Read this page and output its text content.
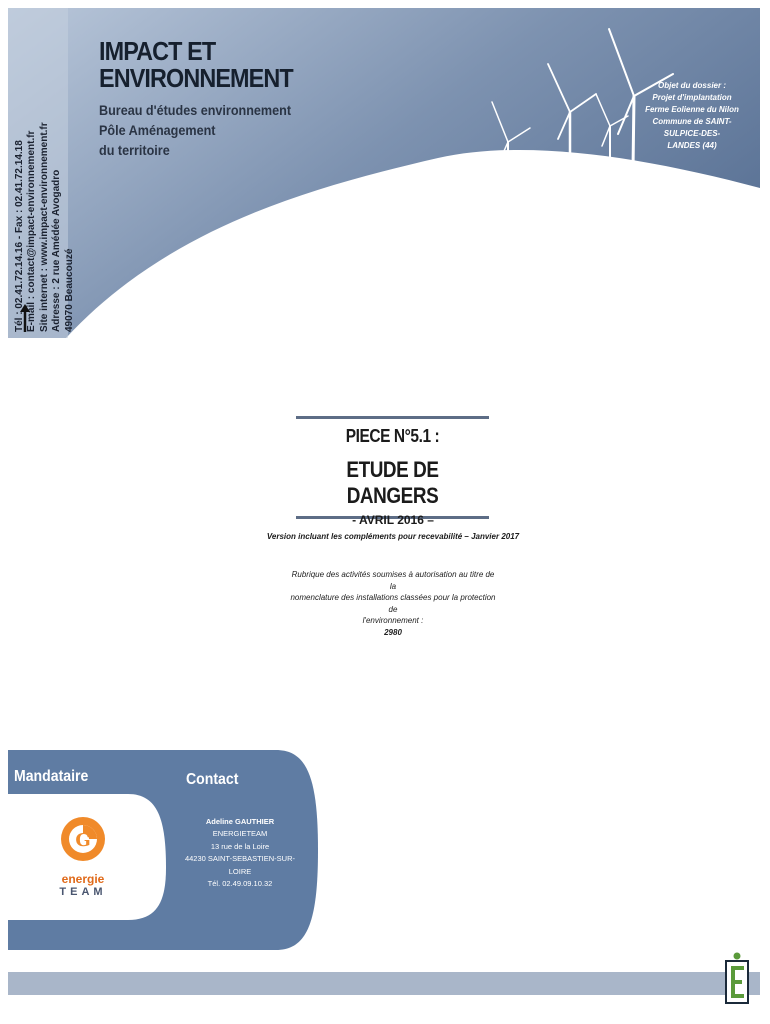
49070 Beaucouzé
IMPACT ET
ENVIRONNEMENT
Bureau d'études environnement
Pôle Aménagement
du territoire
Objet du dossier :
Projet d'implantation
Ferme Eolienne du Nilon
Commune de SAINT-SULPICE-DES-
LANDES (44)
PIECE N°5.1 :
ETUDE DE DANGERS
- AVRIL 2016 –
Version incluant les compléments pour recevabilité – Janvier 2017
Rubrique des activités soumises à autorisation au titre de la
nomenclature des installations classées pour la protection de
l'environnement :
2980
Mandataire	Contact
G
energie
TEAM
Adeline GAUTHIER
ENERGIETEAM
13 rue de la Loire
44230 SAINT-SEBASTIEN-SUR-LOIRE
Tél. 02.49.09.10.32
